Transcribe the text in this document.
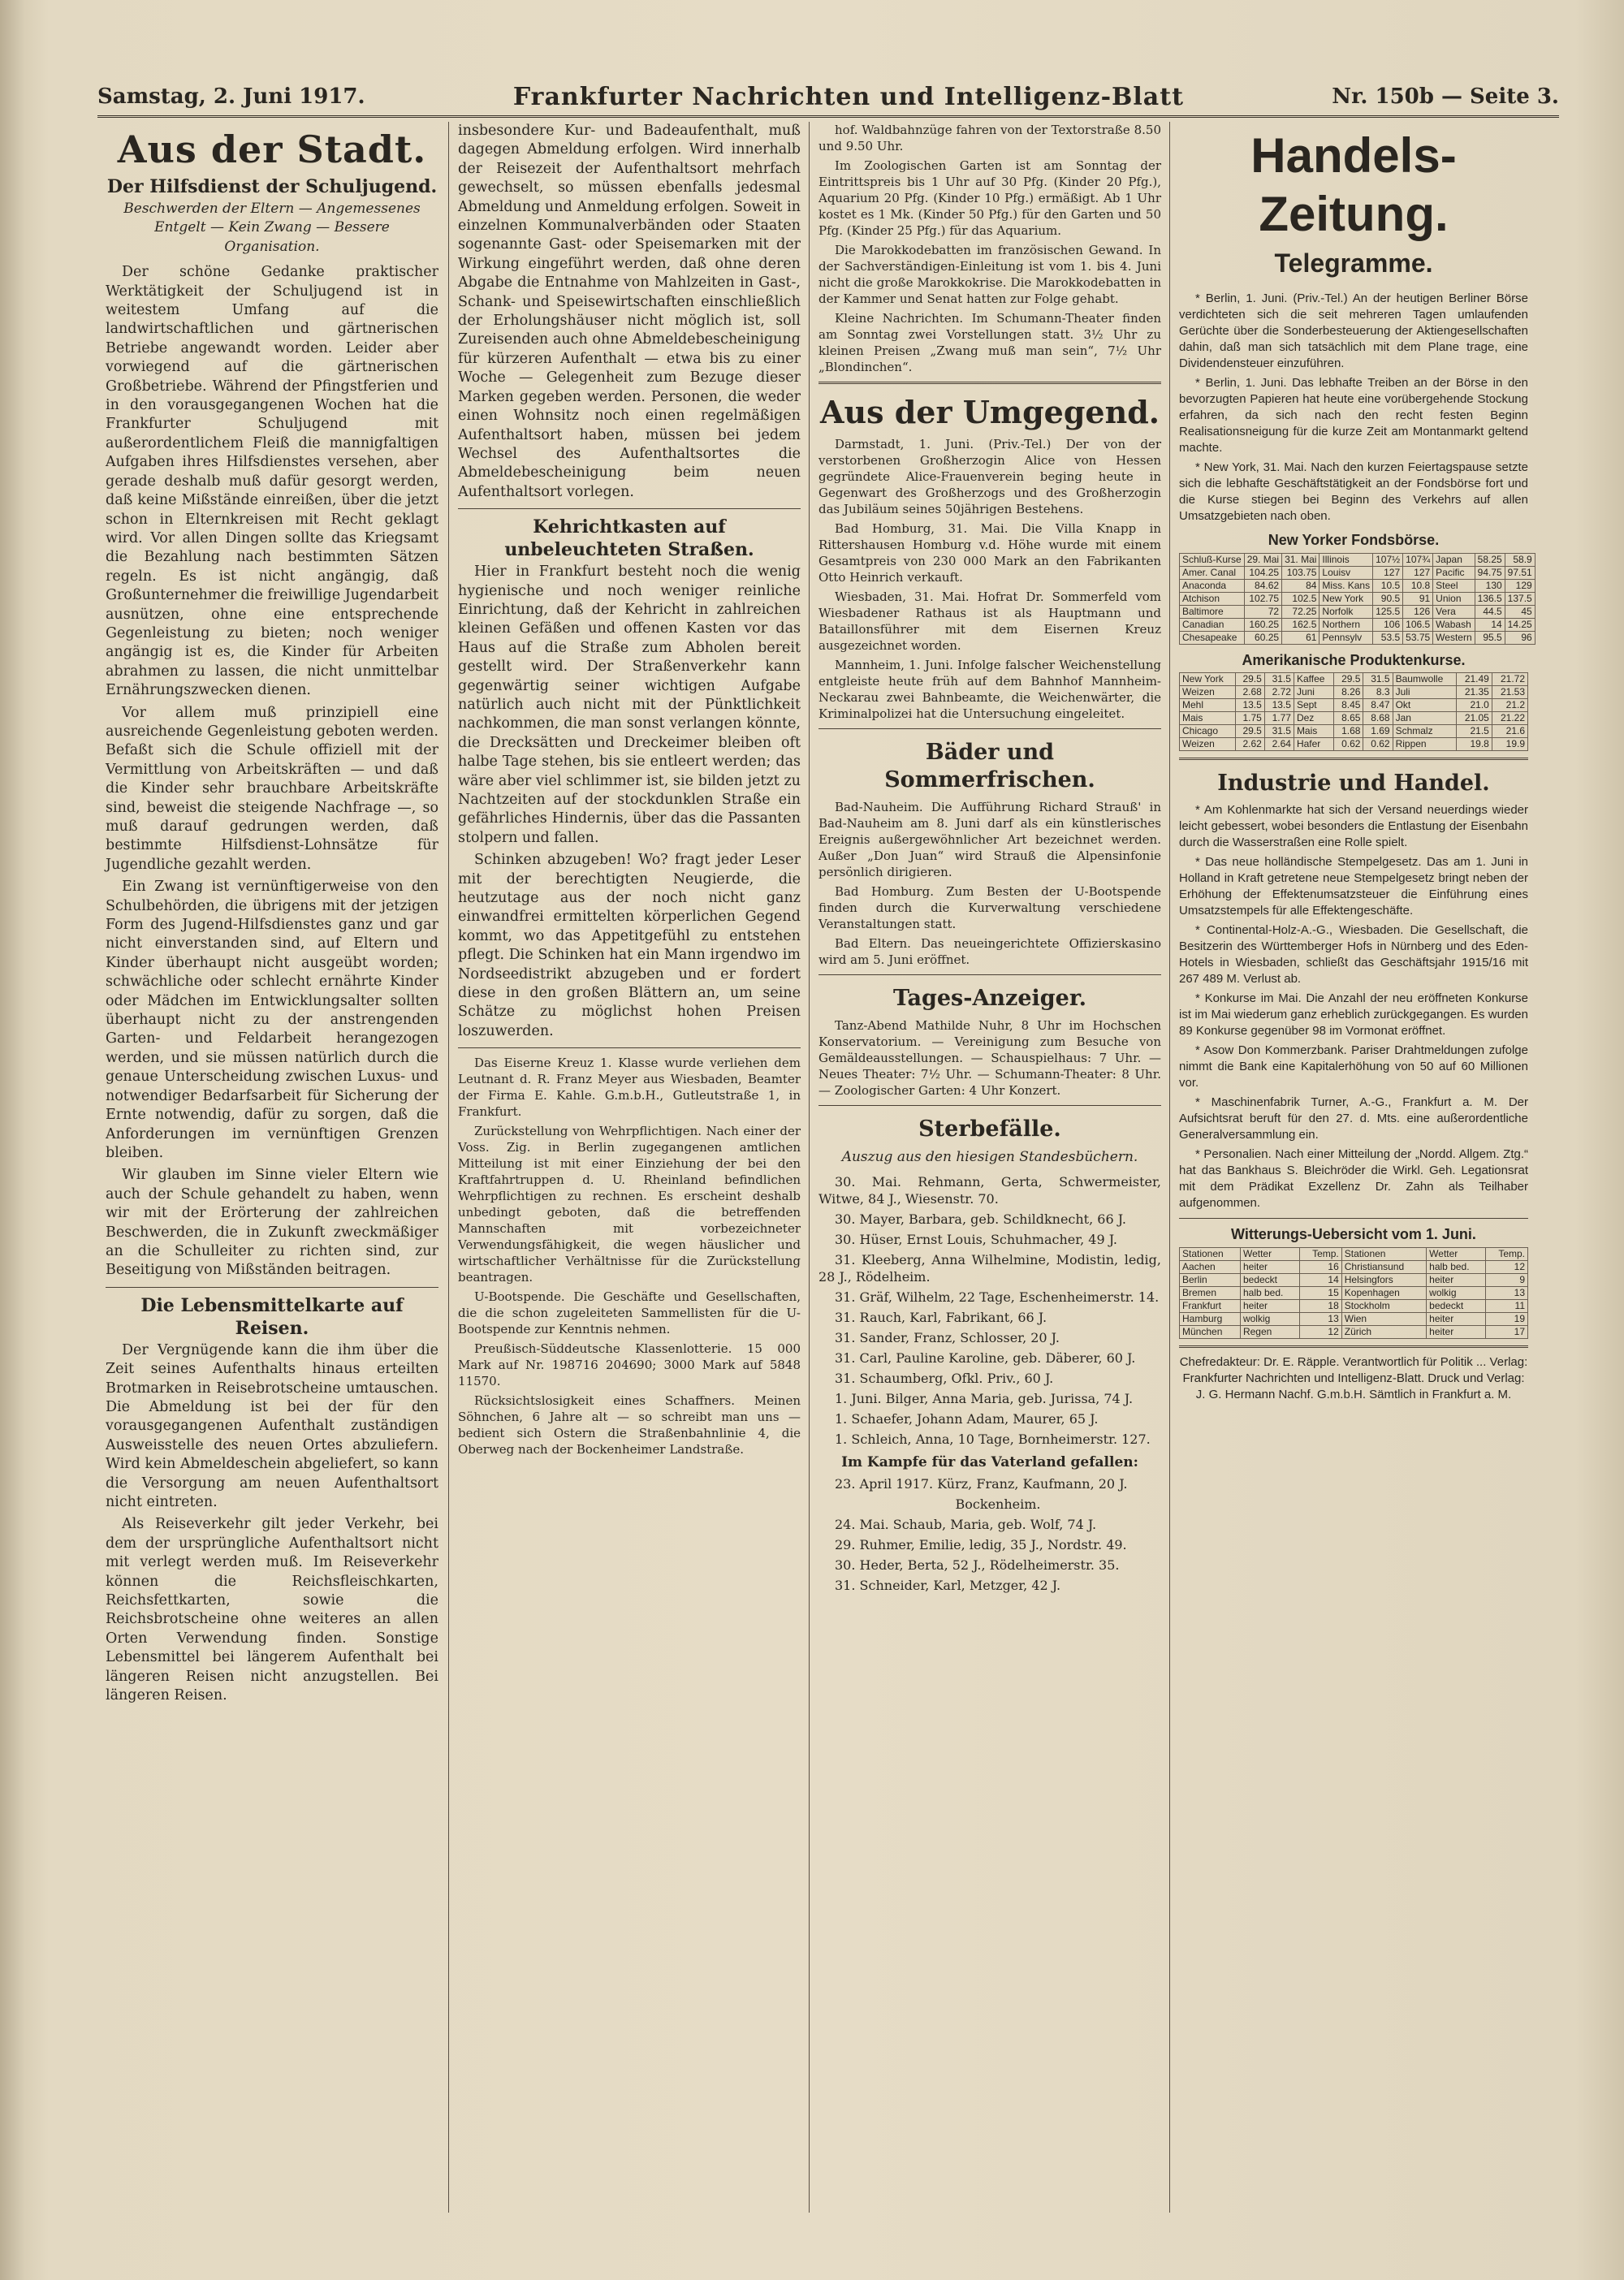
Samstag, 2. Juni 1917.	Frankfurter Nachrichten und Intelligenz-Blatt	Nr. 150b — Seite 3.
Aus der Stadt.
Der Hilfsdienst der Schuljugend.
Beschwerden der Eltern — Angemessenes Entgelt — Kein Zwang — Bessere Organisation.

Der schöne Gedanke praktischer Werktätigkeit der Schuljugend ist in weitestem Umfang auf die landwirtschaftlichen und gärtnerischen Betriebe angewandt worden. Leider aber vorwiegend auf die gärtnerischen Großbetriebe. Während der Pfingstferien und in den vorausgegangenen Wochen hat die Frankfurter Schuljugend mit außerordentlichem Fleiß die mannigfaltigen Aufgaben ihres Hilfsdienstes versehen, aber gerade deshalb muß dafür gesorgt werden, daß keine Mißstände einreißen, über die jetzt schon in Elternkreisen mit Recht geklagt wird. Vor allen Dingen sollte das Kriegsamt die Bezahlung nach bestimmten Sätzen regeln. Es ist nicht angängig, daß Großunternehmer die freiwillige Jugendarbeit ausnützen, ohne eine entsprechende Gegenleistung zu bieten; noch weniger angängig ist es, die Kinder für Arbeiten abrahmen zu lassen, die nicht unmittelbar Ernährungszwecken dienen.

Vor allem muß prinzipiell eine ausreichende Gegenleistung geboten werden. Befaßt sich die Schule offiziell mit der Vermittlung von Arbeitskräften — und daß die Kinder sehr brauchbare Arbeitskräfte sind, beweist die steigende Nachfrage —, so muß darauf gedrungen werden, daß bestimmte Hilfsdienst-Lohnsätze für Jugendliche gezahlt werden.

Ein Zwang ist vernünftigerweise von den Schulbehörden, die übrigens mit der jetzigen Form des Jugend-Hilfsdienstes ganz und gar nicht einverstanden sind, auf Eltern und Kinder überhaupt nicht ausgeübt worden; schwächliche oder schlecht ernährte Kinder oder Mädchen im Entwicklungsalter sollten überhaupt nicht zu der anstrengenden Garten- und Feldarbeit herangezogen werden, und sie müssen natürlich durch die genaue Unterscheidung zwischen Luxus- und notwendiger Bedarfsarbeit für Sicherung der Ernte notwendig, dafür zu sorgen, daß die Anforderungen im vernünftigen Grenzen bleiben.

Wir glauben im Sinne vieler Eltern wie auch der Schule gehandelt zu haben, wenn wir mit der Erörterung der zahlreichen Beschwerden, die in Zukunft zweckmäßiger an die Schulleiter zu richten sind, zur Beseitigung von Mißständen beitragen.

Die Lebensmittelkarte auf Reisen.

Der Vergnügende kann die ihm über die Zeit seines Aufenthalts hinaus erteilten Brotmarken in Reisebrotscheine umtauschen. Die Abmeldung ist bei der für den vorausgegangenen Aufenthalt zuständigen Ausweisstelle des neuen Ortes abzuliefern. Wird kein Abmeldeschein abgeliefert, so kann die Versorgung am neuen Aufenthaltsort nicht eintreten.

Als Reiseverkehr gilt jeder Verkehr, bei dem der ursprüngliche Aufenthaltsort nicht mit verlegt werden muß. Im Reiseverkehr können die Reichsfleischkarten, Reichsfettkarten, sowie die Reichsbrotscheine ohne weiteres an allen Orten Verwendung finden. Sonstige Lebensmittel bei längerem Aufenthalt bei längeren Reisen nicht anzugstellen. Bei längeren Reisen.

insbesondere Kur- und Badeaufenthalt, muß dagegen Abmeldung erfolgen. Wird innerhalb der Reisezeit der Aufenthaltsort mehrfach gewechselt, so müssen ebenfalls jedesmal Abmeldung und Anmeldung erfolgen. Soweit in einzelnen Kommunalverbänden oder Staaten sogenannte Gast- oder Speisemarken mit der Wirkung eingeführt werden, daß ohne deren Abgabe die Entnahme von Mahlzeiten in Gast-, Schank- und Speisewirtschaften einschließlich der Erholungshäuser nicht möglich ist, soll Zureisenden auch ohne Abmeldebescheinigung für kürzeren Aufenthalt — etwa bis zu einer Woche — Gelegenheit zum Bezuge dieser Marken gegeben werden. Personen, die weder einen Wohnsitz noch einen regelmäßigen Aufenthaltsort haben, müssen bei jedem Wechsel des Aufenthaltsortes die Abmeldebescheinigung beim neuen Aufenthaltsort vorlegen.

Kehrichtkasten auf unbeleuchteten Straßen.

Hier in Frankfurt besteht noch die wenig hygienische und noch weniger reinliche Einrichtung, daß der Kehricht in zahlreichen kleinen Gefäßen und offenen Kasten vor das Haus auf die Straße zum Abholen bereit gestellt wird. Der Straßenverkehr kann gegenwärtig seiner wichtigen Aufgabe natürlich auch nicht mit der Pünktlichkeit nachkommen, die man sonst verlangen könnte, die Drecksätten und Dreckeimer bleiben oft halbe Tage stehen, bis sie entleert werden; das wäre aber viel schlimmer ist, sie bilden jetzt zu Nachtzeiten auf der stockdunklen Straße ein gefährliches Hindernis, über das die Passanten stolpern und fallen.

Schinken abzugeben! Wo? fragt jeder Leser mit der berechtigten Neugierde, die heutzutage aus der noch nicht ganz einwandfrei ermittelten körperlichen Gegend kommt, wo das Appetitgefühl zu entstehen pflegt. Die Schinken hat ein Mann irgendwo im Nordseedistrikt abzugeben und er fordert diese in den großen Blättern an, um seine Schätze zu möglichst hohen Preisen loszuwerden.

Das Eiserne Kreuz 1. Klasse wurde verliehen dem Leutnant d. R. Franz Meyer aus Wiesbaden, Beamter der Firma E. Kahle. G.m.b.H., Gutleutstraße 1, in Frankfurt.

Zurückstellung von Wehrpflichtigen. Nach einer der Voss. Zig. in Berlin zugegangenen amtlichen Mitteilung ist mit einer Einziehung der bei den Kraftfahrtruppen d. U. Rheinland befindlichen Wehrpflichtigen zu rechnen. Es erscheint deshalb unbedingt geboten, daß die betreffenden Mannschaften mit vorbezeichneter Verwendungsfähigkeit, die wegen häuslicher und wirtschaftlicher Verhältnisse für die Zurückstellung beantragen.

U-Bootspende. Die Geschäfte und Gesellschaften, die die schon zugeleiteten Sammellisten für die U-Bootspende zur Kenntnis nehmen.

Preußisch-Süddeutsche Klassenlotterie. 15 000 Mark auf Nr. 198716 204690; 3000 Mark auf 5848 11570.

Rücksichtslosigkeit eines Schaffners. Meinen Söhnchen, 6 Jahre alt — so schreibt man uns — bedient sich Ostern die Straßenbahnlinie 4, die Oberweg nach der Bockenheimer Landstraße.

hof. Waldbahnzüge fahren von der Textorstraße 8.50 und 9.50 Uhr.

Im Zoologischen Garten ist am Sonntag der Eintrittspreis bis 1 Uhr auf 30 Pfg. (Kinder 20 Pfg.), Aquarium 20 Pfg. (Kinder 10 Pfg.) ermäßigt. Ab 1 Uhr kostet es 1 Mk. (Kinder 50 Pfg.) für den Garten und 50 Pfg. (Kinder 25 Pfg.) für das Aquarium.

Die Marokkodebatten im französischen Gewand. In der Sachverständigen-Einleitung ist vom 1. bis 4. Juni nicht die große Marokkokrise. Die Marokkodebatten in der Kammer und Senat hatten zur Folge gehabt.

Kleine Nachrichten. Im Schumann-Theater finden am Sonntag zwei Vorstellungen statt. 3½ Uhr zu kleinen Preisen „Zwang muß man sein“, 7½ Uhr „Blondinchen“.

Aus der Umgegend.

Darmstadt, 1. Juni. (Priv.-Tel.) Der von der verstorbenen Großherzogin Alice von Hessen gegründete Alice-Frauenverein beging heute in Gegenwart des Großherzogs und des Großherzogin das Jubiläum seines 50jährigen Bestehens.

Bad Homburg, 31. Mai. Die Villa Knapp in Rittershausen Homburg v.d. Höhe wurde mit einem Gesamtpreis von 230 000 Mark an den Fabrikanten Otto Heinrich verkauft.

Wiesbaden, 31. Mai. Hofrat Dr. Sommerfeld vom Wiesbadener Rathaus ist als Hauptmann und Bataillonsführer mit dem Eisernen Kreuz ausgezeichnet worden.

Mannheim, 1. Juni. Infolge falscher Weichenstellung entgleiste heute früh auf dem Bahnhof Mannheim-Neckarau zwei Bahnbeamte, die Weichenwärter, die Kriminalpolizei hat die Untersuchung eingeleitet.

Bäder und Sommerfrischen.

Bad-Nauheim. Die Aufführung Richard Strauß' in Bad-Nauheim am 8. Juni darf als ein künstlerisches Ereignis außergewöhnlicher Art bezeichnet werden. Außer „Don Juan“ wird Strauß die Alpensinfonie persönlich dirigieren.

Bad Homburg. Zum Besten der U-Bootspende finden durch die Kurverwaltung verschiedene Veranstaltungen statt.

Bad Eltern. Das neueingerichtete Offizierskasino wird am 5. Juni eröffnet.

Tages-Anzeiger.

Tanz-Abend Mathilde Nuhr, 8 Uhr im Hochschen Konservatorium. — Vereinigung zum Besuche von Gemäldeausstellungen. — Schauspielhaus: 7 Uhr. — Neues Theater: 7½ Uhr. — Schumann-Theater: 8 Uhr. — Zoologischer Garten: 4 Uhr Konzert.

Sterbefälle.
Auszug aus den hiesigen Standesbüchern.

30. Mai. Rehmann, Gerta, Schwermeister, Witwe, 84 J., Wiesenstr. 70.

30. Mayer, Barbara, geb. Schildknecht, 66 J.

30. Hüser, Ernst Louis, Schuhmacher, 49 J.

31. Kleeberg, Anna Wilhelmine, Modistin, ledig, 28 J., Rödelheim.

31. Gräf, Wilhelm, 22 Tage, Eschenheimerstr. 14.

31. Rauch, Karl, Fabrikant, 66 J.

31. Sander, Franz, Schlosser, 20 J.

31. Carl, Pauline Karoline, geb. Däberer, 60 J.

31. Schaumberg, Ofkl. Priv., 60 J.

1. Juni. Bilger, Anna Maria, geb. Jurissa, 74 J.

1. Schaefer, Johann Adam, Maurer, 65 J.

1. Schleich, Anna, 10 Tage, Bornheimerstr. 127.

Im Kampfe für das Vaterland gefallen:

23. April 1917. Kürz, Franz, Kaufmann, 20 J.

Bockenheim.

24. Mai. Schaub, Maria, geb. Wolf, 74 J.

29. Ruhmer, Emilie, ledig, 35 J., Nordstr. 49.

30. Heder, Berta, 52 J., Rödelheimerstr. 35.

31. Schneider, Karl, Metzger, 42 J.

Handels-Zeitung.
Telegramme.

* Berlin, 1. Juni. (Priv.-Tel.) An der heutigen Berliner Börse verdichteten sich die seit mehreren Tagen umlaufenden Gerüchte über die Sonderbesteuerung der Aktiengesellschaften dahin, daß man sich tatsächlich mit dem Plane trage, eine Dividendensteuer einzuführen.

* Berlin, 1. Juni. Das lebhafte Treiben an der Börse in den bevorzugten Papieren hat heute eine vorübergehende Stockung erfahren, da sich nach den recht festen Beginn Realisationsneigung für die kurze Zeit am Montanmarkt geltend machte.

* New York, 31. Mai. Nach den kurzen Feiertagspause setzte sich die lebhafte Geschäftstätigkeit an der Fondsbörse fort und die Kurse stiegen bei Beginn des Verkehrs auf allen Umsatzgebieten nach oben.

New Yorker Fondsbörse.
Schluß-Kurse	29. Mai	31. Mai	Illinois	107½	107¾	Japan	58.25	58.9
Amer. Canal	104.25	103.75	Louisv	127	127	Pacific	94.75	97.51
Anaconda	84.62	84	Miss. Kans	10.5	10.8	Steel	130	129
Atchison	102.75	102.5	New York	90.5	91	Union	136.5	137.5
Baltimore	72	72.25	Norfolk	125.5	126	Vera	44.5	45
Canadian	160.25	162.5	Northern	106	106.5	Wabash	14	14.25
Chesapeake	60.25	61	Pennsylv	53.5	53.75	Western	95.5	96
Amerikanische Produktenkurse.
New York	29.5	31.5	Kaffee	29.5	31.5	Baumwolle	21.49	21.72
Weizen	2.68	2.72	Juni	8.26	8.3	Juli	21.35	21.53
Mehl	13.5	13.5	Sept	8.45	8.47	Okt	21.0	21.2
Mais	1.75	1.77	Dez	8.65	8.68	Jan	21.05	21.22
Chicago	29.5	31.5	Mais	1.68	1.69	Schmalz	21.5	21.6
Weizen	2.62	2.64	Hafer	0.62	0.62	Rippen	19.8	19.9
Industrie und Handel.

* Am Kohlenmarkte hat sich der Versand neuerdings wieder leicht gebessert, wobei besonders die Entlastung der Eisenbahn durch die Wasserstraßen eine Rolle spielt.

* Das neue holländische Stempelgesetz. Das am 1. Juni in Holland in Kraft getretene neue Stempelgesetz bringt neben der Erhöhung der Effektenumsatzsteuer die Einführung eines Umsatzstempels für alle Effektengeschäfte.

* Continental-Holz-A.-G., Wiesbaden. Die Gesellschaft, die Besitzerin des Württemberger Hofs in Nürnberg und des Eden-Hotels in Wiesbaden, schließt das Geschäftsjahr 1915/16 mit 267 489 M. Verlust ab.

* Konkurse im Mai. Die Anzahl der neu eröffneten Konkurse ist im Mai wiederum ganz erheblich zurückgegangen. Es wurden 89 Konkurse gegenüber 98 im Vormonat eröffnet.

* Asow Don Kommerzbank. Pariser Drahtmeldungen zufolge nimmt die Bank eine Kapitalerhöhung von 50 auf 60 Millionen vor.

* Maschinenfabrik Turner, A.-G., Frankfurt a. M. Der Aufsichtsrat beruft für den 27. d. Mts. eine außerordentliche Generalversammlung ein.

* Personalien. Nach einer Mitteilung der „Nordd. Allgem. Ztg.“ hat das Bankhaus S. Bleichröder die Wirkl. Geh. Legationsrat mit dem Prädikat Exzellenz Dr. Zahn als Teilhaber aufgenommen.

Witterungs-Uebersicht vom 1. Juni.
Stationen	Wetter	Temp.	Stationen	Wetter	Temp.
Aachen	heiter	16	Christiansund	halb bed.	12
Berlin	bedeckt	14	Helsingfors	heiter	9
Bremen	halb bed.	15	Kopenhagen	wolkig	13
Frankfurt	heiter	18	Stockholm	bedeckt	11
Hamburg	wolkig	13	Wien	heiter	19
München	Regen	12	Zürich	heiter	17
Chefredakteur: Dr. E. Räpple. Verantwortlich für Politik ... Verlag: Frankfurter Nachrichten und Intelligenz-Blatt. Druck und Verlag: J. G. Hermann Nachf. G.m.b.H. Sämtlich in Frankfurt a. M.
